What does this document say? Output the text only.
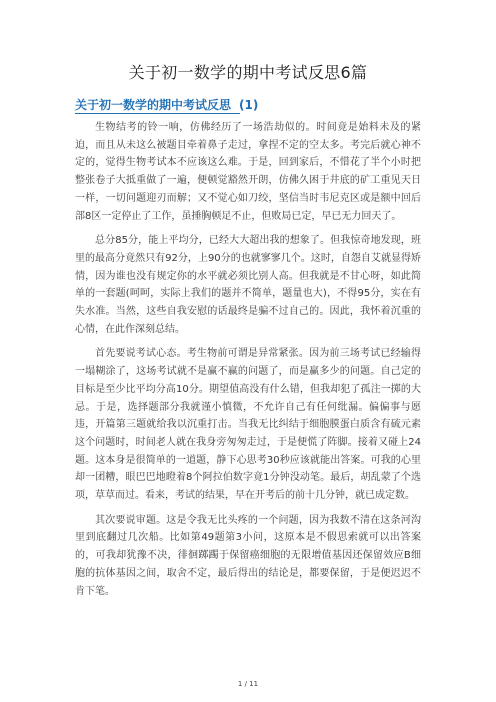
关于初一数学的期中考试反思6篇
关于初一数学的期中考试反思 (1)

生物结考的铃一响，仿佛经历了一场浩劫似的。时间竟是始料未及的紧迫，而且从未这么被题目牵着鼻子走过，拿捏不定的空太多。考完后就心神不定的，觉得生物考试本不应该这么难。于是，回到家后，不惜花了半个小时把整张卷子大抵重做了一遍，便顿觉豁然开朗，仿佛久困于井底的矿工重见天日一样，一切问题迎刃而解；又不觉心如刀绞，坚信当时韦尼克区或是额中回后部8区一定停止了工作，虽捶胸顿足不止，但败局已定，早已无力回天了。

总分85分，能上平均分，已经大大超出我的想象了。但我惊奇地发现，班里的最高分竟然只有92分，上90分的也就寥寥几个。这时，自怨自艾就显得矫情，因为谁也没有规定你的水平就必须比别人高。但我就是不甘心呀，如此简单的一套题(呵呵，实际上我们的题并不简单，题量也大)，不得95分，实在有失水准。当然，这些自我安慰的话最终是骗不过自己的。因此，我怀着沉重的心情，在此作深刻总结。

首先要说考试心态。考生物前可谓是异常紧张。因为前三场考试已经输得一塌糊涂了，这场考试就不是赢不赢的问题了，而是赢多少的问题。自己定的目标是至少比平均分高10分。期望值高没有什么错，但我却犯了孤注一掷的大忌。于是，选择题部分我就谨小慎微，不允许自己有任何纰漏。偏偏事与愿违，开篇第三题就给我以沉重打击。当我无比纠结于细胞膜蛋白质含有硫元素这个问题时，时间老人就在我身旁匆匆走过，于是便慌了阵脚。接着又碰上24题。这本身是很简单的一道题，静下心思考30秒应该就能出答案。可我的心里却一团糟，眼巴巴地瞪着8个阿拉伯数字竟1分钟没动笔。最后，胡乱蒙了个选项，草草而过。看来，考试的结果，早在开考后的前十几分钟，就已成定数。

其次要说审题。这是令我无比头疼的一个问题，因为我数不清在这条河沟里到底翻过几次船。比如第49题第3小问，这原本是不假思索就可以出答案的，可我却犹豫不决，徘徊踯躅于保留癌细胞的无限增值基因还保留效应B细胞的抗体基因之间，取舍不定，最后得出的结论是，都要保留，于是便迟迟不肯下笔。

1 / 11
